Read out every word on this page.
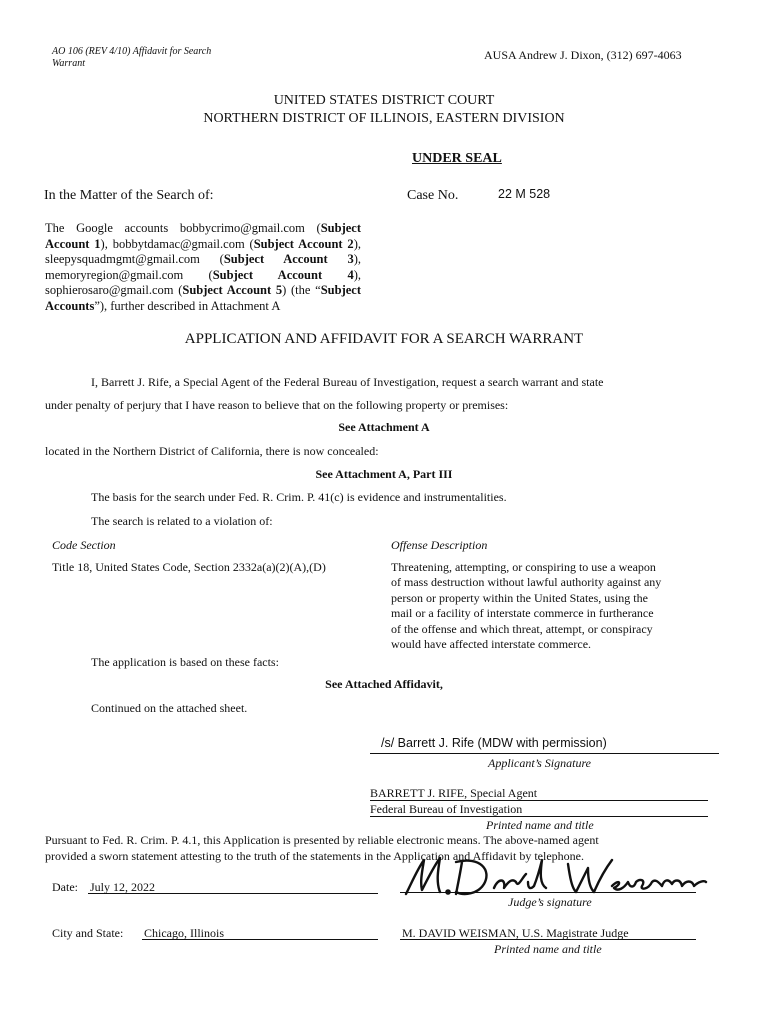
AO 106 (REV 4/10) Affidavit for Search
Warrant
AUSA Andrew J. Dixon, (312) 697-4063
UNITED STATES DISTRICT COURT
NORTHERN DISTRICT OF ILLINOIS, EASTERN DIVISION
UNDER SEAL
In the Matter of the Search of:	Case No.	22 M 528
The Google accounts bobbycrimo@gmail.com (Subject Account 1), bobbytdamac@gmail.com (Subject Account 2), sleepysquadmgmt@gmail.com (Subject Account 3), memoryregion@gmail.com (Subject Account 4), sophierosaro@gmail.com (Subject Account 5) (the “Subject Accounts”), further described in Attachment A
APPLICATION AND AFFIDAVIT FOR A SEARCH WARRANT
I, Barrett J. Rife, a Special Agent of the Federal Bureau of Investigation, request a search warrant and state
under penalty of perjury that I have reason to believe that on the following property or premises:
See Attachment A
located in the Northern District of California, there is now concealed:
See Attachment A, Part III
The basis for the search under Fed. R. Crim. P. 41(c) is evidence and instrumentalities.
The search is related to a violation of:
Code Section	Offense Description
Title 18, United States Code, Section 2332a(a)(2)(A),(D)	Threatening, attempting, or conspiring to use a weapon
of mass destruction without lawful authority against any
person or property within the United States, using the
mail or a facility of interstate commerce in furtherance
of the offense and which threat, attempt, or conspiracy
would have affected interstate commerce.
The application is based on these facts:
See Attached Affidavit,
Continued on the attached sheet.
/s/ Barrett J. Rife (MDW with permission)
Applicant’s Signature
BARRETT J. RIFE, Special Agent
Federal Bureau of Investigation
Printed name and title
Pursuant to Fed. R. Crim. P. 4.1, this Application is presented by reliable electronic means. The above-named agent
provided a sworn statement attesting to the truth of the statements in the Application and Affidavit by telephone.
Judge’s signature
Date: July 12, 2022
City and State: Chicago, Illinois	M. DAVID WEISMAN, U.S. Magistrate Judge
Printed name and title
